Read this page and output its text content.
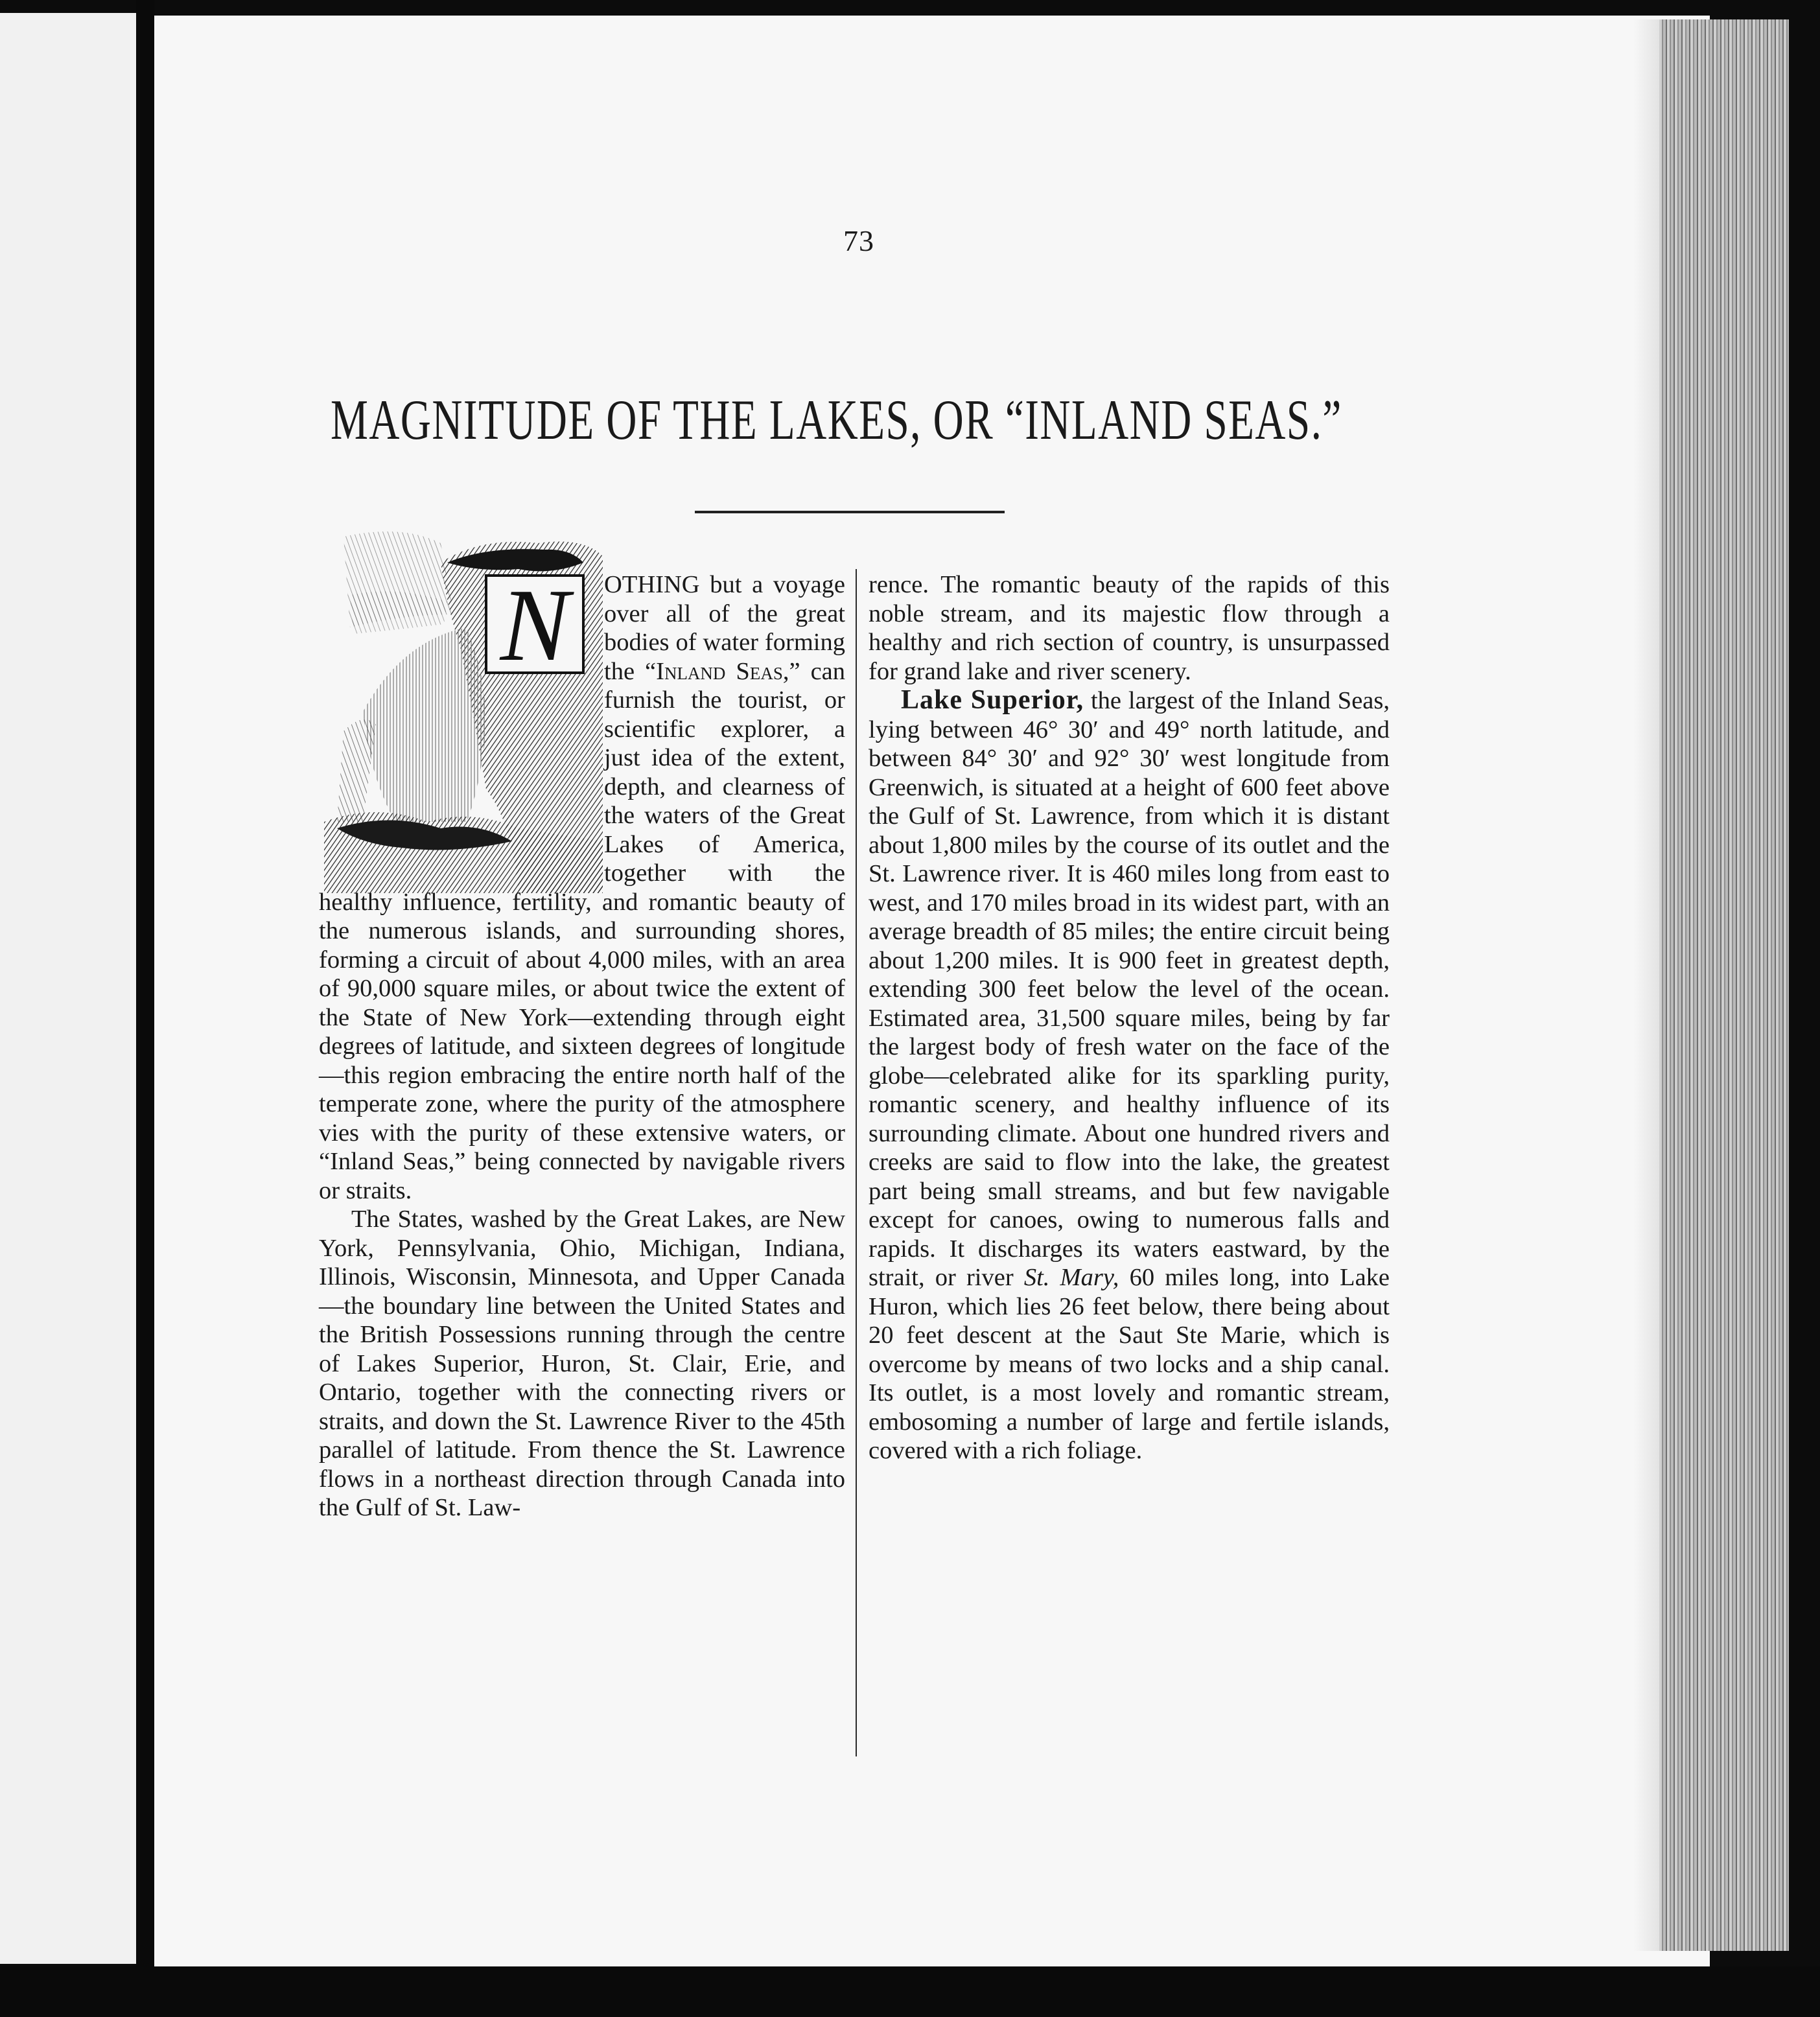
73
MAGNITUDE OF THE LAKES, OR “INLAND SEAS.”
N	OTHING but a voyage over all of the great bodies of water forming the “Inland Seas,” can furnish the tourist, or scientific explorer, a just idea of the extent, depth, and clearness of the waters of the Great Lakes of America, together with the healthy influence, fertility, and romantic beauty of the numerous islands, and surrounding shores, forming a circuit of about 4,000 miles, with an area of 90,000 square miles, or about twice the extent of the State of New York—extending through eight degrees of latitude, and sixteen degrees of longitude—this region embracing the entire north half of the temperate zone, where the purity of the atmosphere vies with the purity of these extensive waters, or “Inland Seas,” being connected by navigable rivers or straits.

The States, washed by the Great Lakes, are New York, Pennsylvania, Ohio, Michigan, Indiana, Illinois, Wisconsin, Minnesota, and Upper Canada—the boundary line between the United States and the British Possessions running through the centre of Lakes Superior, Huron, St. Clair, Erie, and Ontario, together with the connecting rivers or straits, and down the St. Lawrence River to the 45th parallel of latitude. From thence the St. Lawrence flows in a northeast direction through Canada into the Gulf of St. Law-

rence. The romantic beauty of the rapids of this noble stream, and its majestic flow through a healthy and rich section of country, is unsurpassed for grand lake and river scenery.

Lake Superior, the largest of the Inland Seas, lying between 46° 30′ and 49° north latitude, and between 84° 30′ and 92° 30′ west longitude from Greenwich, is situated at a height of 600 feet above the Gulf of St. Lawrence, from which it is distant about 1,800 miles by the course of its outlet and the St. Lawrence river. It is 460 miles long from east to west, and 170 miles broad in its widest part, with an average breadth of 85 miles; the entire circuit being about 1,200 miles. It is 900 feet in greatest depth, extending 300 feet below the level of the ocean. Estimated area, 31,500 square miles, being by far the largest body of fresh water on the face of the globe—celebrated alike for its sparkling purity, romantic scenery, and healthy influence of its surrounding climate. About one hundred rivers and creeks are said to flow into the lake, the greatest part being small streams, and but few navigable except for canoes, owing to numerous falls and rapids. It discharges its waters eastward, by the strait, or river St. Mary, 60 miles long, into Lake Huron, which lies 26 feet below, there being about 20 feet descent at the Saut Ste Marie, which is overcome by means of two locks and a ship canal. Its outlet, is a most lovely and romantic stream, embosoming a number of large and fertile islands, covered with a rich foliage.
